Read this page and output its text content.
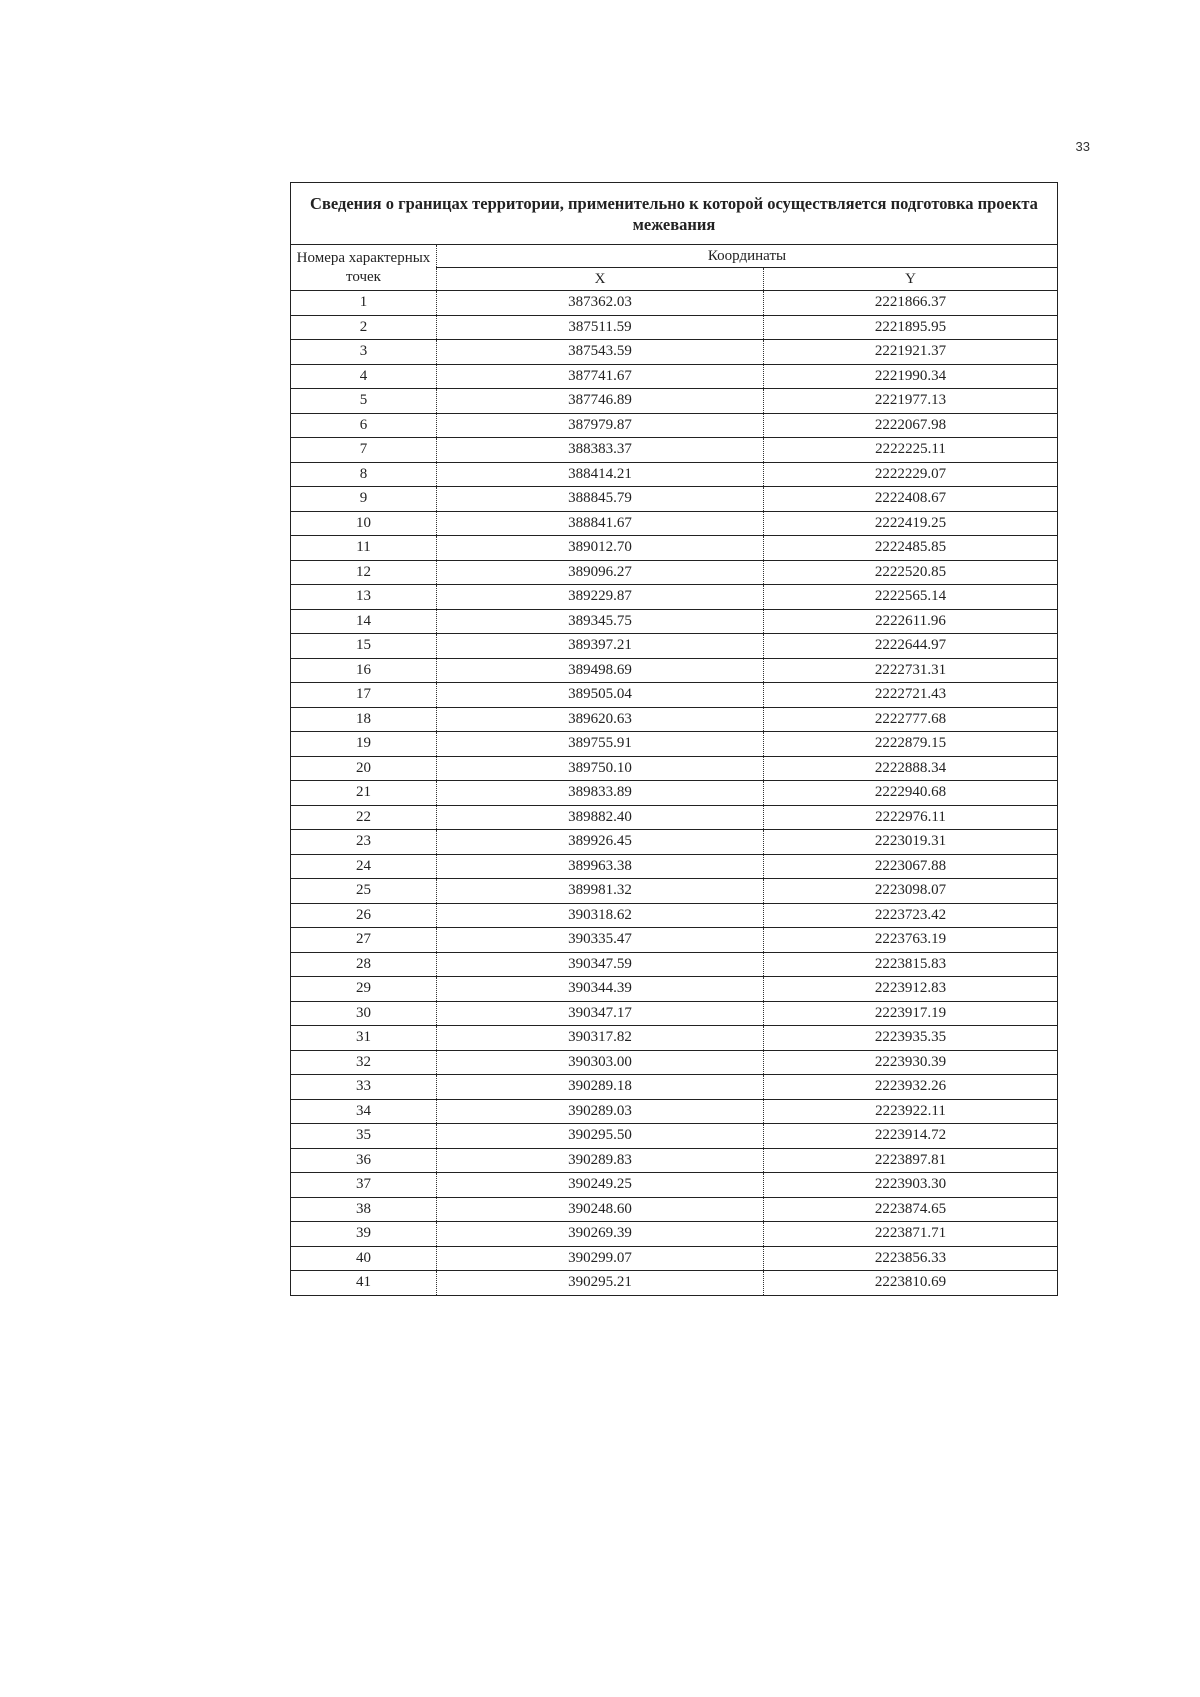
33
Сведения о границах территории, применительно к которой осуществляется подготовка проекта межевания		
Номера характерных точек	Координаты	
	X	Y
1	387362.03	2221866.37
2	387511.59	2221895.95
3	387543.59	2221921.37
4	387741.67	2221990.34
5	387746.89	2221977.13
6	387979.87	2222067.98
7	388383.37	2222225.11
8	388414.21	2222229.07
9	388845.79	2222408.67
10	388841.67	2222419.25
11	389012.70	2222485.85
12	389096.27	2222520.85
13	389229.87	2222565.14
14	389345.75	2222611.96
15	389397.21	2222644.97
16	389498.69	2222731.31
17	389505.04	2222721.43
18	389620.63	2222777.68
19	389755.91	2222879.15
20	389750.10	2222888.34
21	389833.89	2222940.68
22	389882.40	2222976.11
23	389926.45	2223019.31
24	389963.38	2223067.88
25	389981.32	2223098.07
26	390318.62	2223723.42
27	390335.47	2223763.19
28	390347.59	2223815.83
29	390344.39	2223912.83
30	390347.17	2223917.19
31	390317.82	2223935.35
32	390303.00	2223930.39
33	390289.18	2223932.26
34	390289.03	2223922.11
35	390295.50	2223914.72
36	390289.83	2223897.81
37	390249.25	2223903.30
38	390248.60	2223874.65
39	390269.39	2223871.71
40	390299.07	2223856.33
41	390295.21	2223810.69
